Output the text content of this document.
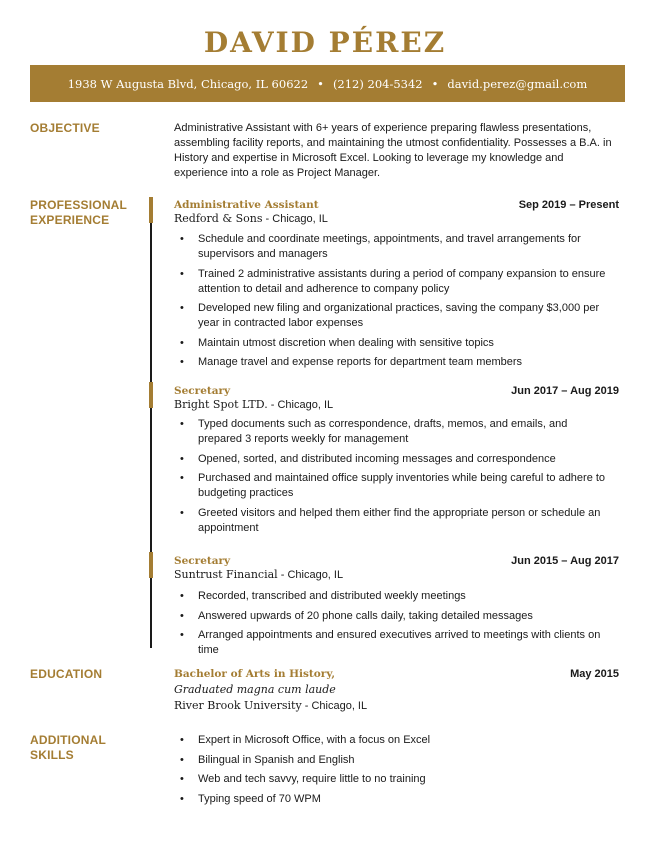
DAVID PÉREZ
1938 W Augusta Blvd, Chicago, IL 60622 • (212) 204-5342 • david.perez@gmail.com
OBJECTIVE	Administrative Assistant with 6+ years of experience preparing flawless presentations, assembling facility reports, and maintaining the utmost confidentiality. Possesses a B.A. in History and expertise in Microsoft Excel. Looking to leverage my knowledge and experience into a role as Project Manager.
PROFESSIONAL
EXPERIENCE
Administrative Assistant	Sep 2019 – Present
Redford & Sons - Chicago, IL
• Schedule and coordinate meetings, appointments, and travel arrangements for supervisors and managers
• Trained 2 administrative assistants during a period of company expansion to ensure attention to detail and adherence to company policy
• Developed new filing and organizational practices, saving the company $3,000 per year in contracted labor expenses
• Maintain utmost discretion when dealing with sensitive topics
• Manage travel and expense reports for department team members
Secretary	Jun 2017 – Aug 2019
Bright Spot LTD. - Chicago, IL
• Typed documents such as correspondence, drafts, memos, and emails, and prepared 3 reports weekly for management
• Opened, sorted, and distributed incoming messages and correspondence
• Purchased and maintained office supply inventories while being careful to adhere to budgeting practices
• Greeted visitors and helped them either find the appropriate person or schedule an appointment
Secretary	Jun 2015 – Aug 2017
Suntrust Financial - Chicago, IL
• Recorded, transcribed and distributed weekly meetings
• Answered upwards of 20 phone calls daily, taking detailed messages
• Arranged appointments and ensured executives arrived to meetings with clients on time
EDUCATION	Bachelor of Arts in History,	May 2015
Graduated magna cum laude
River Brook University - Chicago, IL
ADDITIONAL
SKILLS
• Expert in Microsoft Office, with a focus on Excel
• Bilingual in Spanish and English
• Web and tech savvy, require little to no training
• Typing speed of 70 WPM
